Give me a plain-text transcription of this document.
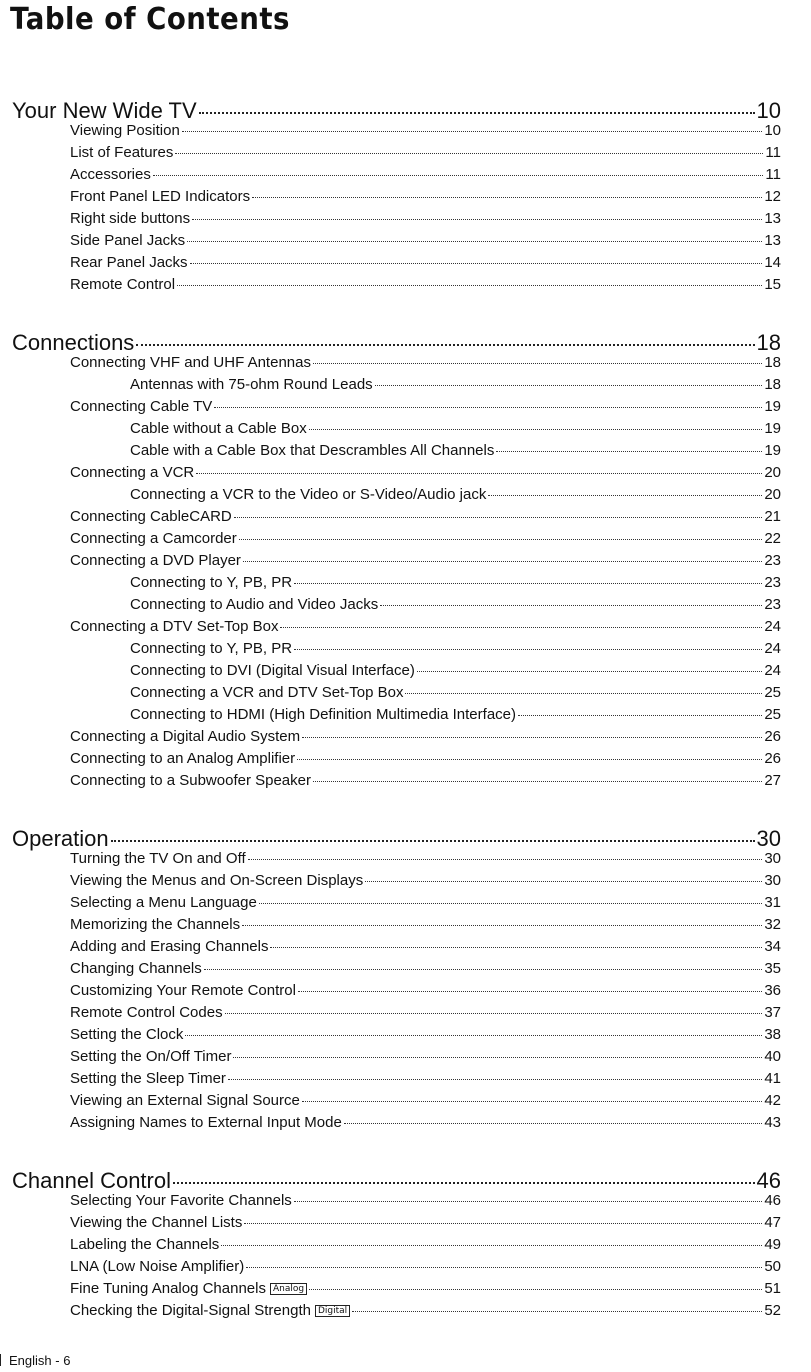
Table of Contents
Your New Wide TV	10
Viewing Position	10
List of Features	11
Accessories	11
Front Panel LED Indicators	12
Right side buttons	13
Side Panel Jacks	13
Rear Panel Jacks	14
Remote Control	15
Connections	18
Connecting VHF and UHF Antennas	18
Antennas with 75-ohm Round Leads	18
Connecting Cable TV	19
Cable without a Cable Box	19
Cable with a Cable Box that Descrambles All Channels	19
Connecting a VCR	20
Connecting a VCR to the Video or S-Video/Audio jack	20
Connecting CableCARD	21
Connecting a Camcorder	22
Connecting a DVD Player	23
Connecting to Y, PB, PR	23
Connecting to Audio and Video Jacks	23
Connecting a DTV Set-Top Box	24
Connecting to Y, PB, PR	24
Connecting to DVI (Digital Visual Interface)	24
Connecting a VCR and DTV Set-Top Box	25
Connecting to HDMI (High Definition Multimedia Interface)	25
Connecting a Digital Audio System	26
Connecting to an Analog Amplifier	26
Connecting to a Subwoofer Speaker	27
Operation	30
Turning the TV On and Off	30
Viewing the Menus and On-Screen Displays	30
Selecting a Menu Language	31
Memorizing the Channels	32
Adding and Erasing Channels	34
Changing Channels	35
Customizing Your Remote Control	36
Remote Control Codes	37
Setting the Clock	38
Setting the On/Off Timer	40
Setting the Sleep Timer	41
Viewing an External Signal Source	42
Assigning Names to External Input Mode	43
Channel Control	46
Selecting Your Favorite Channels	46
Viewing the Channel Lists	47
Labeling the Channels	49
LNA (Low Noise Amplifier)	50
Fine Tuning Analog Channels Analog	51
Checking the Digital-Signal Strength Digital	52
English - 6
